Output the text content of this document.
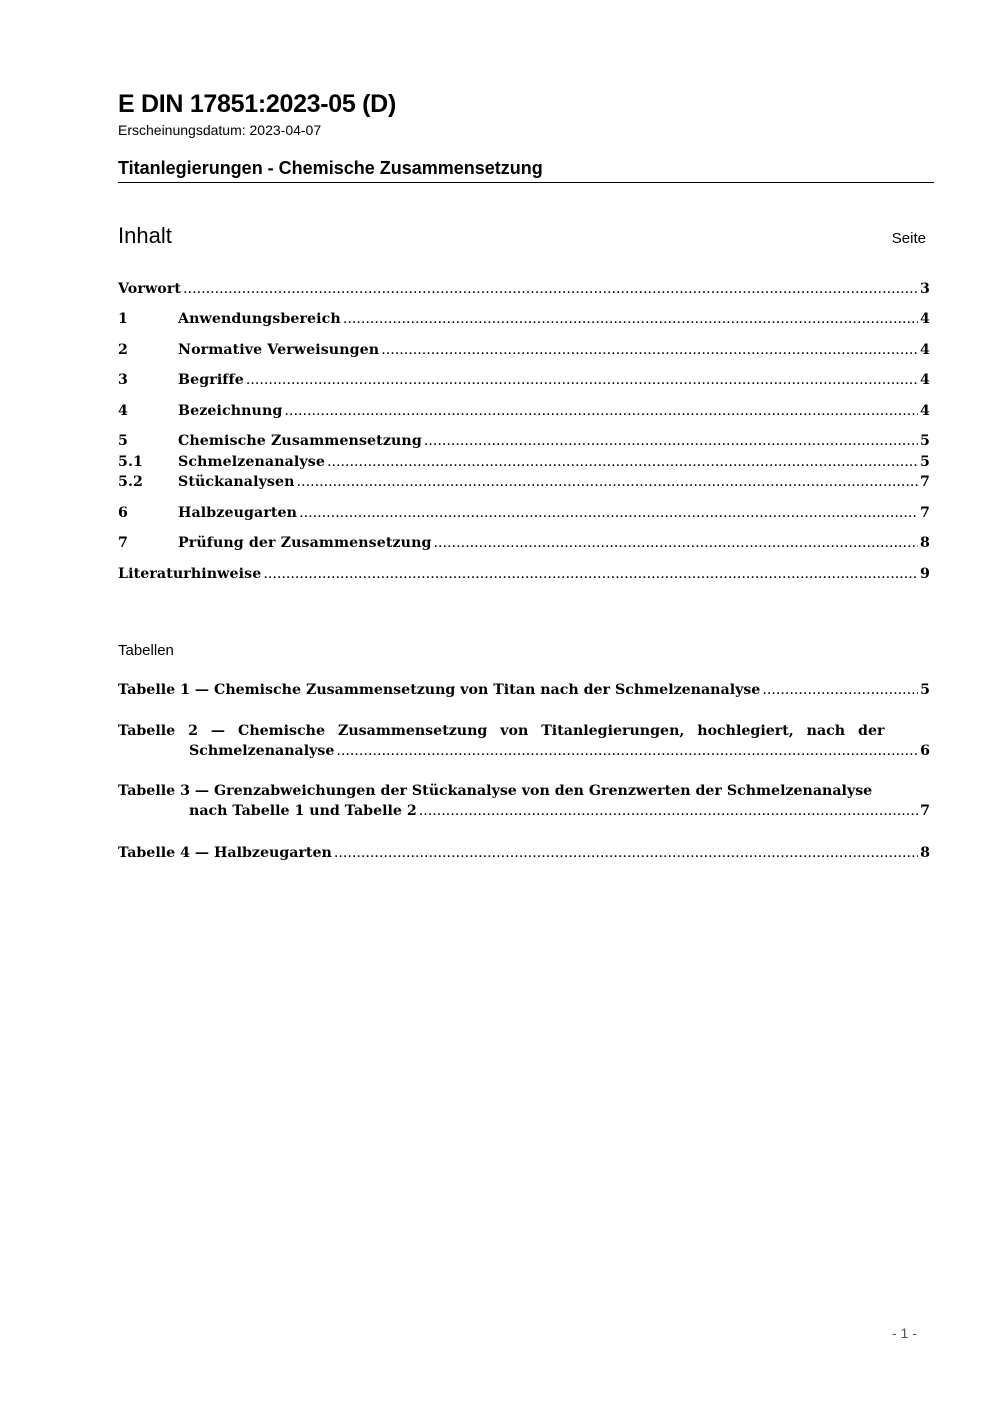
E DIN 17851:2023-05 (D)
Erscheinungsdatum: 2023-04-07
Titanlegierungen - Chemische Zusammensetzung
Inhalt	Seite
Vorwort .....	3
1	Anwendungsbereich .....	4
2	Normative Verweisungen .....	4
3	Begriffe .....	4
4	Bezeichnung .....	4
5	Chemische Zusammensetzung .....	5
5.1	Schmelzenanalyse .....	5
5.2	Stückanalysen .....	7
6	Halbzeugarten .....	7
7	Prüfung der Zusammensetzung .....	8
Literaturhinweise .....	9
Tabellen
Tabelle 1 — Chemische Zusammensetzung von Titan nach der Schmelzenanalyse .....	5
Tabelle 2 — Chemische Zusammensetzung von Titanlegierungen, hochlegiert, nach der
Schmelzenanalyse .....	6
Tabelle 3 — Grenzabweichungen der Stückanalyse von den Grenzwerten der Schmelzenanalyse
nach Tabelle 1 und Tabelle 2 .....	7
Tabelle 4 — Halbzeugarten .....	8
- 1 -
